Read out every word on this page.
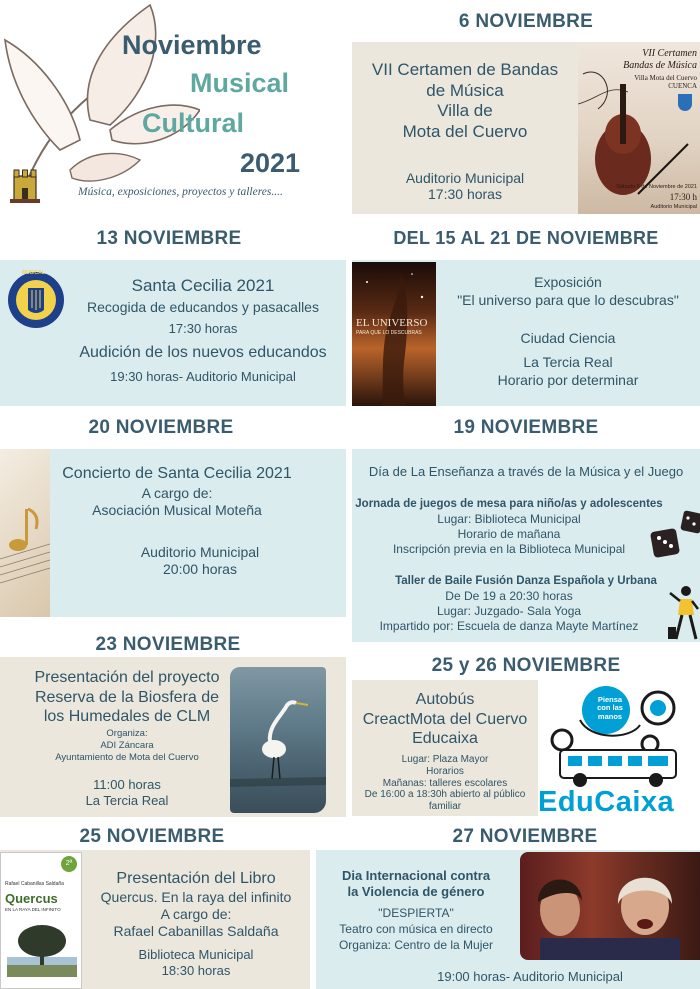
Noviembre
Musical
Cultural
2021
Música, exposiciones, proyectos y talleres....
6 NOVIEMBRE
VII Certamen de Bandas
de Música
Villa de
Mota del Cuervo
Auditorio Municipal
17:30 horas
VII Certamen
Bandas de Música
Villa Mota del Cuervo
CUENCA
Sábado 6 de Noviembre de 2021
17:30 h
Auditorio Municipal
13 NOVIEMBRE
MUSICAL
Santa Cecilia 2021
Recogida de educandos y pasacalles
17:30 horas
Audición de los nuevos educandos
19:30 horas- Auditorio Municipal
DEL 15 AL 21 DE NOVIEMBRE
EL UNIVERSO
PARA QUE LO DESCUBRAS
Exposición
"El universo para que lo descubras"
Ciudad Ciencia
La Tercia Real
Horario por determinar
20 NOVIEMBRE
Concierto de Santa Cecilia 2021
A cargo de:
Asociación Musical Moteña
Auditorio Municipal
20:00 horas
19 NOVIEMBRE
Día de La Enseñanza a través de la Música y el Juego
Jornada de juegos de mesa para niño/as y adolescentes
Lugar: Biblioteca Municipal
Horario de mañana
Inscripción previa en la Biblioteca Municipal
Taller de Baile Fusión Danza Española y Urbana
De De 19 a 20:30 horas
Lugar: Juzgado- Sala Yoga
Impartido por: Escuela de danza Mayte Martínez
23 NOVIEMBRE
Presentación del proyecto
Reserva de la Biosfera de
los Humedales de CLM
Organiza:
ADI Záncara
Ayuntamiento de Mota del Cuervo
11:00 horas
La Tercia Real
25 y 26 NOVIEMBRE
Autobús
CreactMota del Cuervo
Educaixa
Lugar: Plaza Mayor
Horarios
Mañanas: talleres escolares
De 16:00 a 18:30h abierto al público
familiar
Piensa
con las
manos
EduCaixa
25 NOVIEMBRE
2ª
Rafael Cabanillas Saldaña
Quercus
EN LA RAYA DEL INFINITO
Presentación del Libro
Quercus. En la raya del infinito
A cargo de:
Rafael Cabanillas Saldaña
Biblioteca Municipal
18:30 horas
27 NOVIEMBRE
Dia Internacional contra
la Violencia de género
"DESPIERTA"
Teatro con música en directo
Organiza: Centro de la Mujer
19:00 horas- Auditorio Municipal
